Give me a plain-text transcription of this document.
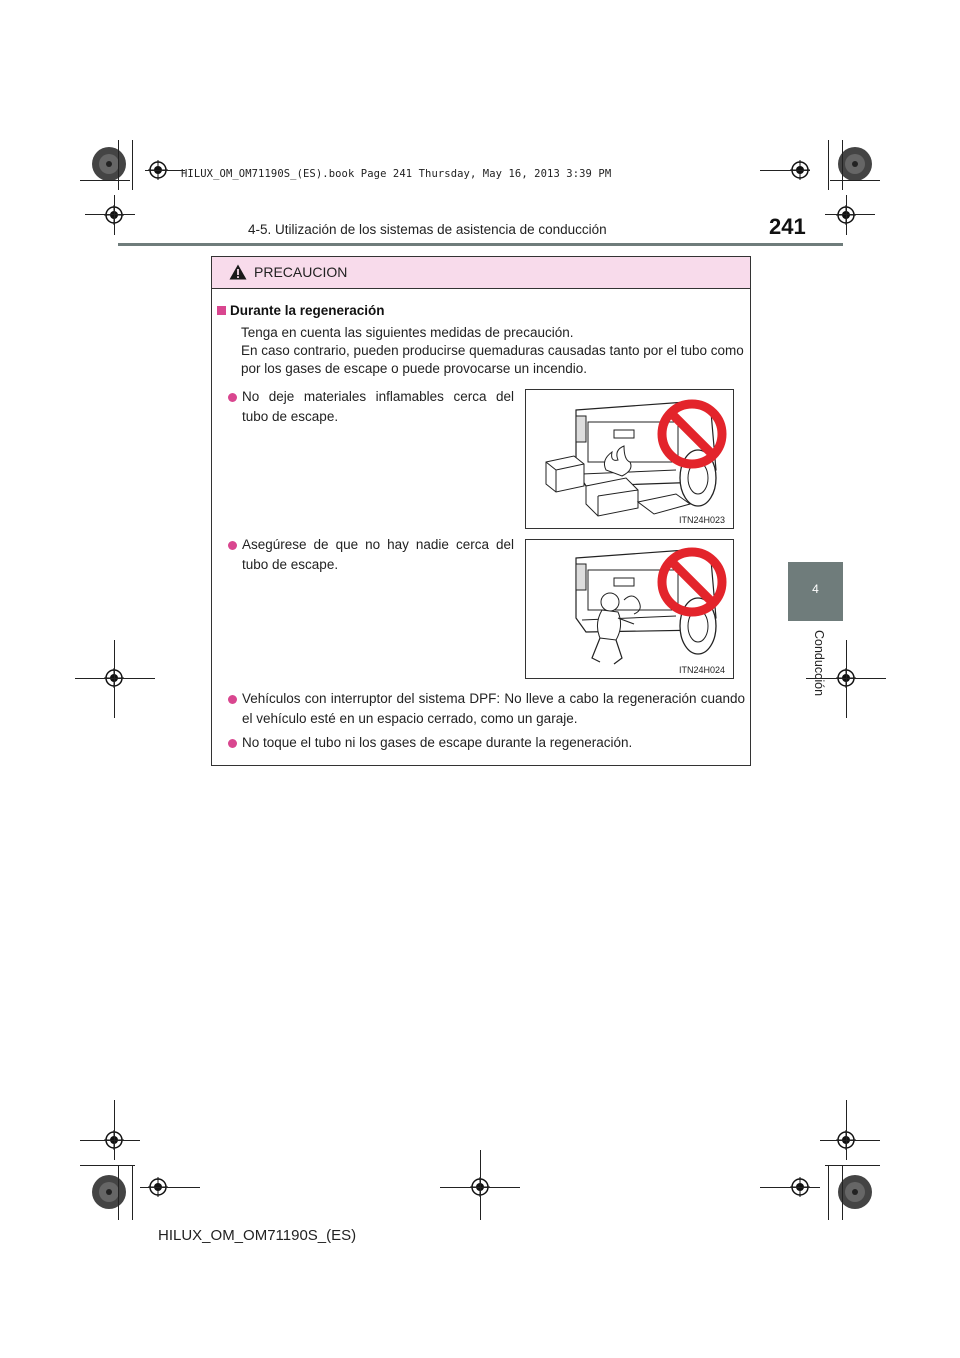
HILUX_OM_OM71190S_(ES).book Page 241 Thursday, May 16, 2013 3:39 PM
4-5. Utilización de los sistemas de asistencia de conducción	241
4
Conducción
PRECAUCION
Durante la regeneración
Tenga en cuenta las siguientes medidas de precaución.
En caso contrario, pueden producirse quemaduras causadas tanto por el tubo como
por los gases de escape o puede provocarse un incendio.
No deje materiales inflamables cerca del tubo de escape.
ITN24H023
Asegúrese de que no hay nadie cerca del tubo de escape.
ITN24H024
Vehículos con interruptor del sistema DPF: No lleve a cabo la regeneración cuando el vehículo esté en un espacio cerrado, como un garaje.
No toque el tubo ni los gases de escape durante la regeneración.
HILUX_OM_OM71190S_(ES)
